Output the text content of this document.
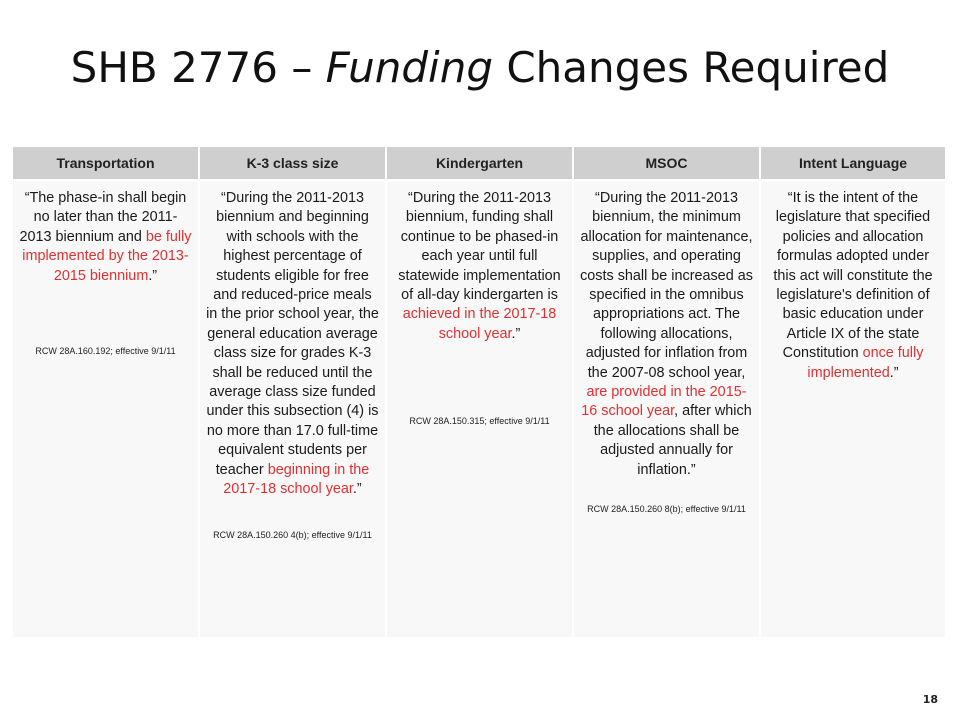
SHB 2776 – Funding Changes Required
Transportation
“The phase-in shall begin no later than the 2011-2013 biennium and be fully implemented by the 2013-2015 biennium.”
RCW 28A.160.192; effective 9/1/11
K-3 class size
“During the 2011-2013 biennium and beginning with schools with the highest percentage of students eligible for free and reduced-price meals in the prior school year, the general education average class size for grades K-3 shall be reduced until the average class size funded under this subsection (4) is no more than 17.0 full-time equivalent students per teacher beginning in the 2017-18 school year.”
RCW 28A.150.260 4(b); effective 9/1/11
Kindergarten
“During the 2011-2013 biennium, funding shall continue to be phased-in each year until full statewide implementation of all-day kindergarten is achieved in the 2017-18 school year.”
RCW 28A.150.315; effective 9/1/11
MSOC
“During the 2011-2013 biennium, the minimum allocation for maintenance, supplies, and operating costs shall be increased as specified in the omnibus appropriations act. The following allocations, adjusted for inflation from the 2007-08 school year, are provided in the 2015-16 school year, after which the allocations shall be adjusted annually for inflation.”
RCW 28A.150.260 8(b); effective 9/1/11
Intent Language
“It is the intent of the legislature that specified policies and allocation formulas adopted under this act will constitute the legislature's definition of basic education under Article IX of the state Constitution once fully implemented.”
18
